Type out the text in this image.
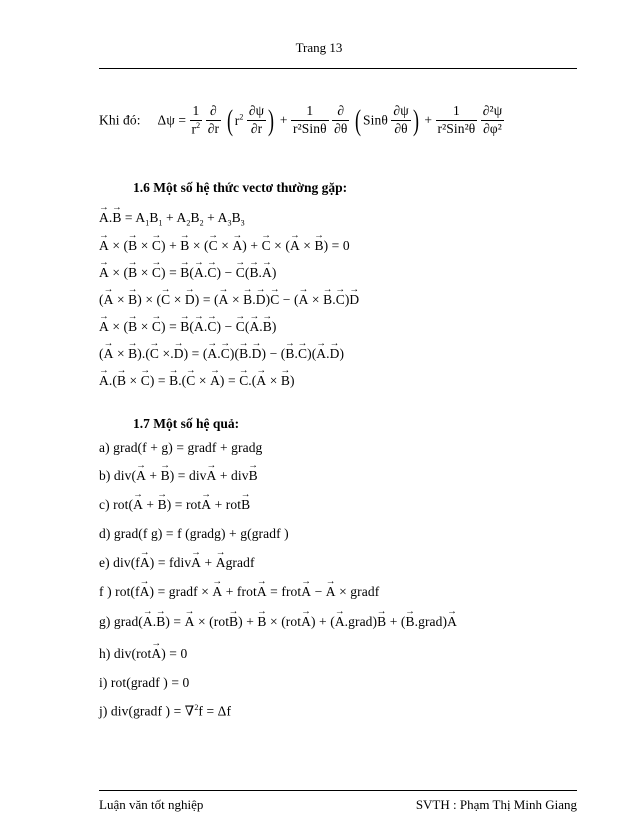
Trang 13
Khi đó: $\Delta\psi = \frac{1}{r^2}$
$\frac{\partial}{\partial r}$ ( $r^2 \frac{\partial\psi}{\partial r}$ ) + $\frac{1}{\text{r²Sinθ}}$
$\frac{\partial}{\partial\theta}$ ( Sinθ $\frac{\partial\psi}{\partial\theta}$ ) + $\frac{1}{\text{r²Sin²θ}}$
$\frac{\text{∂²ψ}}{\text{∂φ²}}$
1.6 Một số hệ thức vectơ thường gặp:
→ $A.\to B = A_1B_1 + A_2B_2 + A_3B_3$
→ A × (→ B × → C) + → B × (→ C × → A) + → C × (→ A × → B) = 0
→ A × (→ B × → C) = → B(→ A.→ C) − → C(→ B.→ A)
(→ A × → B) × (→ C × → D) = (→ A × → B.→ D)→ C − (→ A × → B.→ C)→ D
→ A × (→ B × → C) = → B(→ A.→ C) − → C(→ A.→ B)
(→ A × → B).(→ C ×.→ D) = (→ A.→ C)(→ B.→ D) − (→ B.→ C)(→ A.→ D)
→ A.(→ B × → C) = → B.(→ C × → A) = → C.(→ A × → B)
1.7 Một số hệ quả:
a) grad(f + g) = gradf + gradg
b) div(→ A + → B) = div→ A + div→ B
c) rot(→ A + → B) = rot→ A + rot→ B
d) grad(f g) = f (gradg) + g(gradf )
e) div(f→ A) = fdiv→ A + → Agradf
f ) rot(f→ A) = gradf × → A + frot→ A = frot→ A − → A × gradf
g) grad(→ A.→ B) = → A × (rot→ B) + → B × (rot→ A) + (→ A.grad)→ B + (→ B.grad)→ A
h) div(rot→ A) = 0
i) rot(gradf ) = 0
j) div(gradf ) = ∇$^2$f = Δf
Luận văn tốt nghiệp	SVTH : Phạm Thị Minh Giang
